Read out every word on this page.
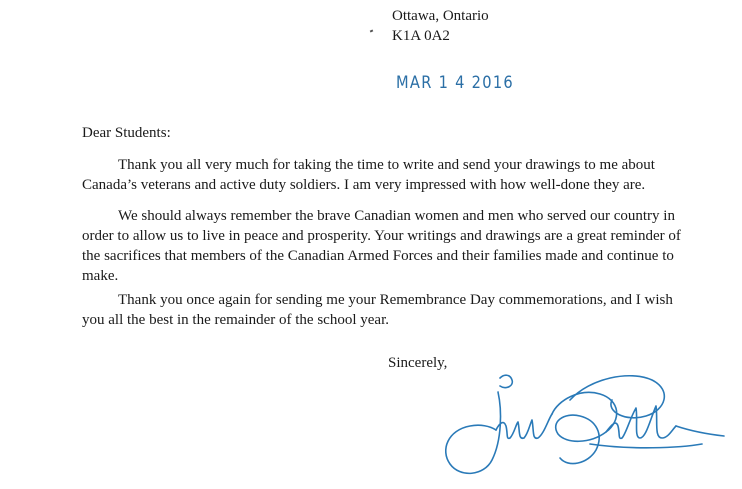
Ottawa, Ontario
K1A 0A2
MAR 1 4 2016
Dear Students:

Thank you all very much for taking the time to write and send your drawings to me about Canada’s veterans and active duty soldiers. I am very impressed with how well-done they are.

We should always remember the brave Canadian women and men who served our country in order to allow us to live in peace and prosperity. Your writings and drawings are a great reminder of the sacrifices that members of the Canadian Armed Forces and their families made and continue to make.

Thank you once again for sending me your Remembrance Day commemorations, and I wish you all the best in the remainder of the school year.

Sincerely,
